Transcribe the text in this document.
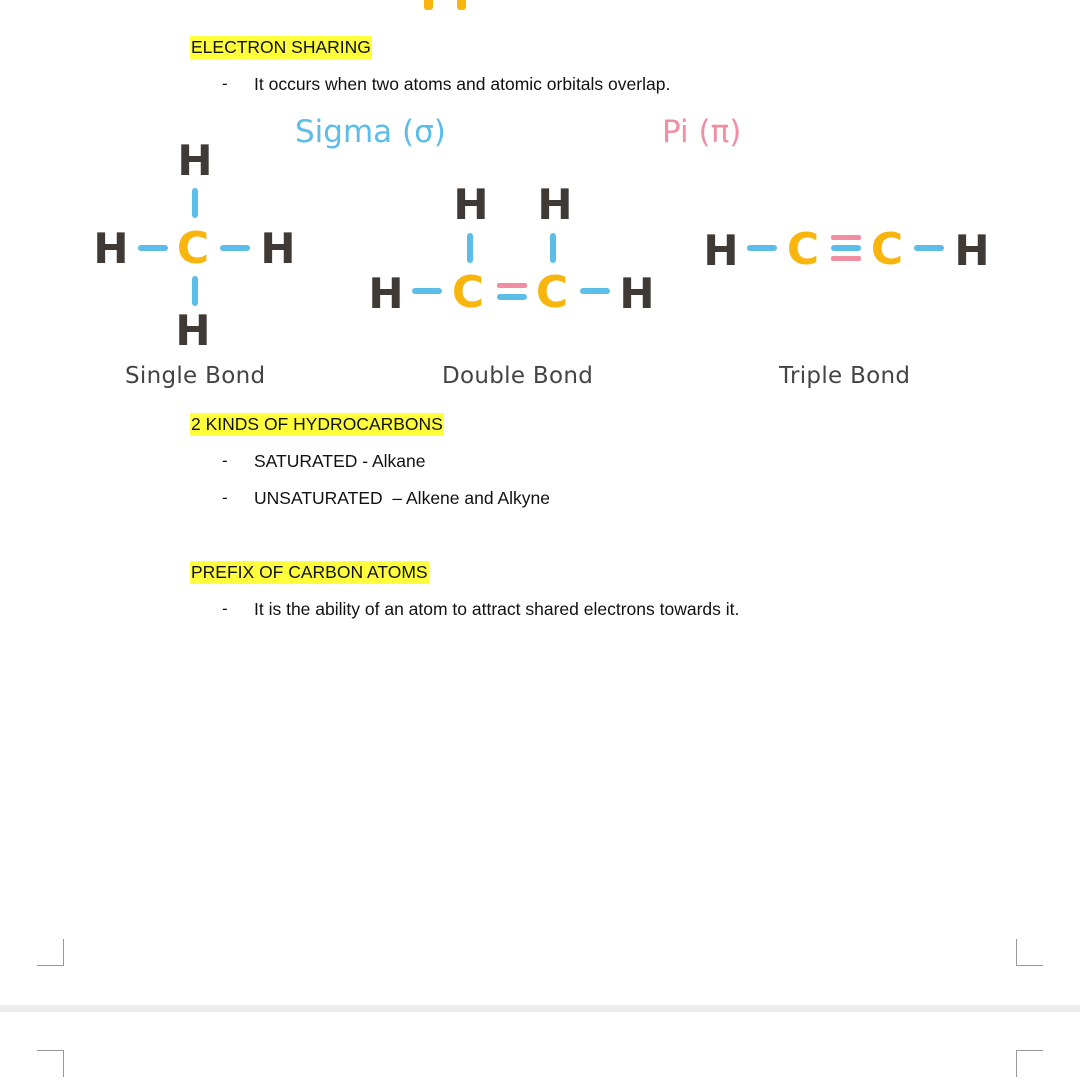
ELECTRON SHARING
- It occurs when two atoms and atomic orbitals overlap.
Sigma (σ)	Pi (π)
H
H C H
H
H H
H C C H
H C C H
Single Bond	Double Bond	Triple Bond
2 KINDS OF HYDROCARBONS
- SATURATED - Alkane
- UNSATURATED  – Alkene and Alkyne
PREFIX OF CARBON ATOMS
- It is the ability of an atom to attract shared electrons towards it.
